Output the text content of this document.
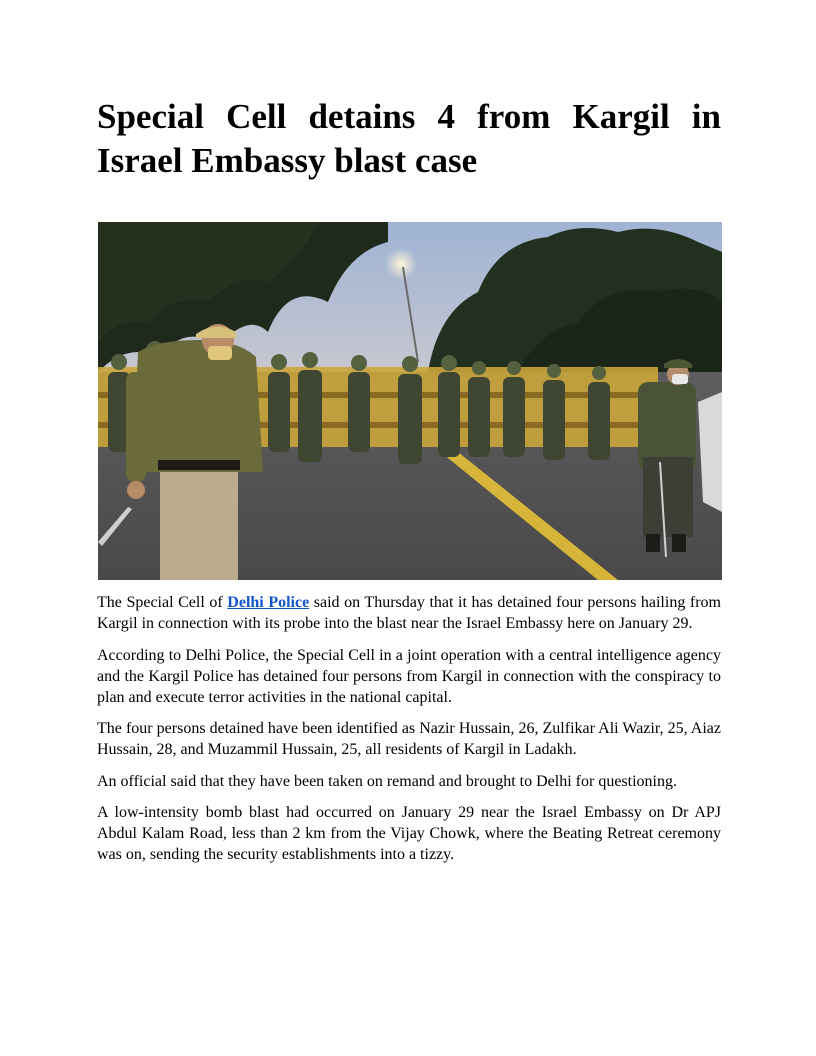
Special Cell detains 4 from Kargil in Israel Embassy blast case

The Special Cell of Delhi Police said on Thursday that it has detained four persons hailing from Kargil in connection with its probe into the blast near the Israel Embassy here on January 29.

According to Delhi Police, the Special Cell in a joint operation with a central intelligence agency and the Kargil Police has detained four persons from Kargil in connection with the conspiracy to plan and execute terror activities in the national capital.

The four persons detained have been identified as Nazir Hussain, 26, Zulfikar Ali Wazir, 25, Aiaz Hussain, 28, and Muzammil Hussain, 25, all residents of Kargil in Ladakh.

An official said that they have been taken on remand and brought to Delhi for questioning.

A low-intensity bomb blast had occurred on January 29 near the Israel Embassy on Dr APJ Abdul Kalam Road, less than 2 km from the Vijay Chowk, where the Beating Retreat ceremony was on, sending the security establishments into a tizzy.
